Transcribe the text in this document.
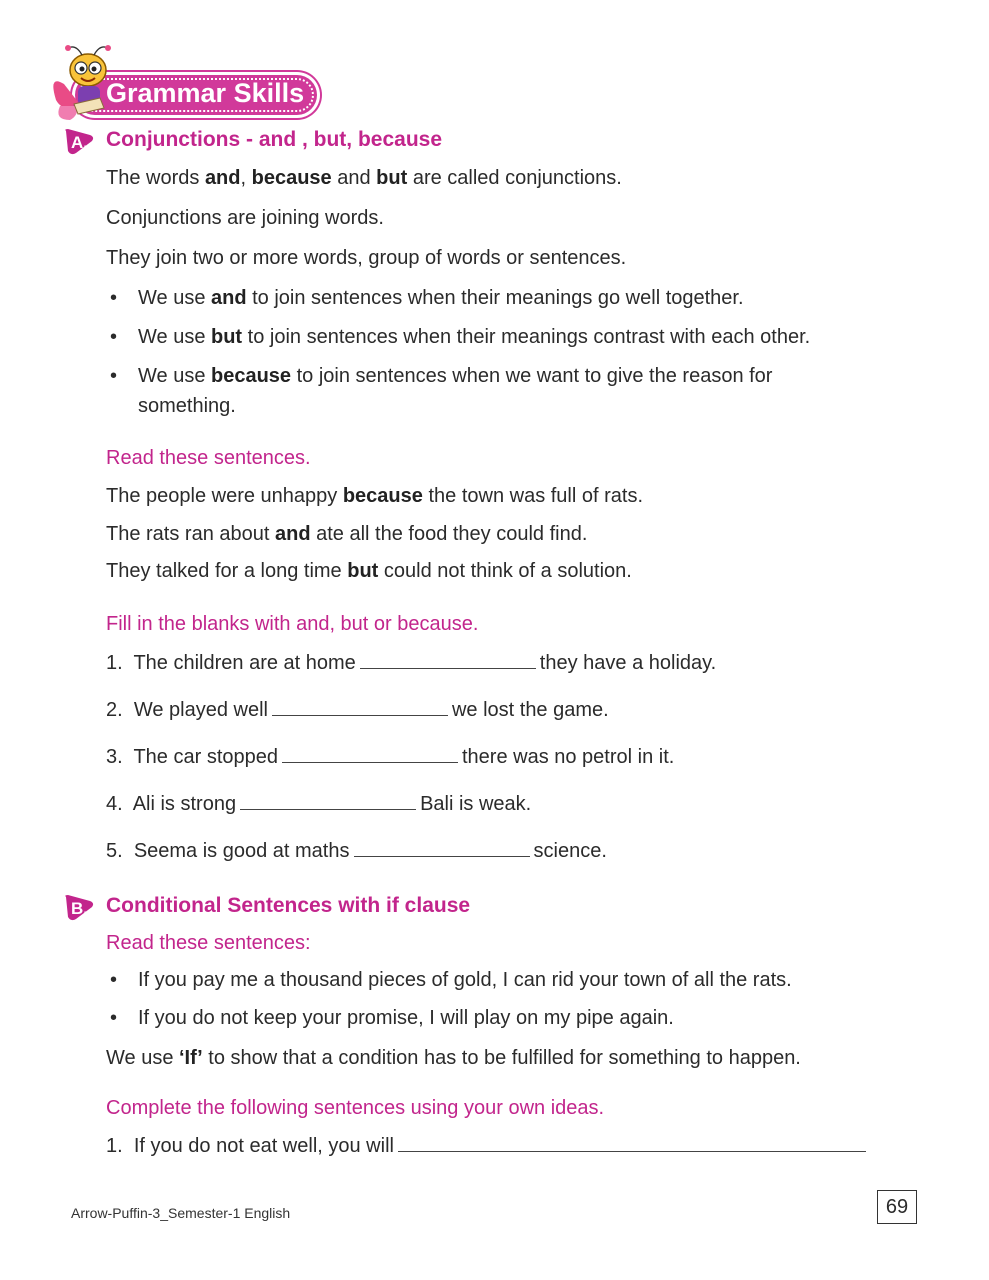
Grammar Skills
A. Conjunctions - and , but, because
The words and, because and but are called conjunctions.
Conjunctions are joining words.
They join two or more words, group of words or sentences.
• We use and to join sentences when their meanings go well together.
• We use but to join sentences when their meanings contrast with each other.
• We use because to join sentences when we want to give the reason for
something.
Read these sentences.
The people were unhappy because the town was full of rats.
The rats ran about and ate all the food they could find.
They talked for a long time but could not think of a solution.
Fill in the blanks with and, but or because.
1. The children are at home	they have a holiday.
2. We played well	we lost the game.
3. The car stopped	there was no petrol in it.
4. Ali is strong	Bali is weak.
5. Seema is good at maths	science.
B. Conditional Sentences with if clause
Read these sentences:
• If you pay me a thousand pieces of gold, I can rid your town of all the rats.
• If you do not keep your promise, I will play on my pipe again.
We use ‘If’ to show that a condition has to be fulfilled for something to happen.
Complete the following sentences using your own ideas.
1. If you do not eat well, you will
Arrow-Puffin-3_Semester-1 English	69
